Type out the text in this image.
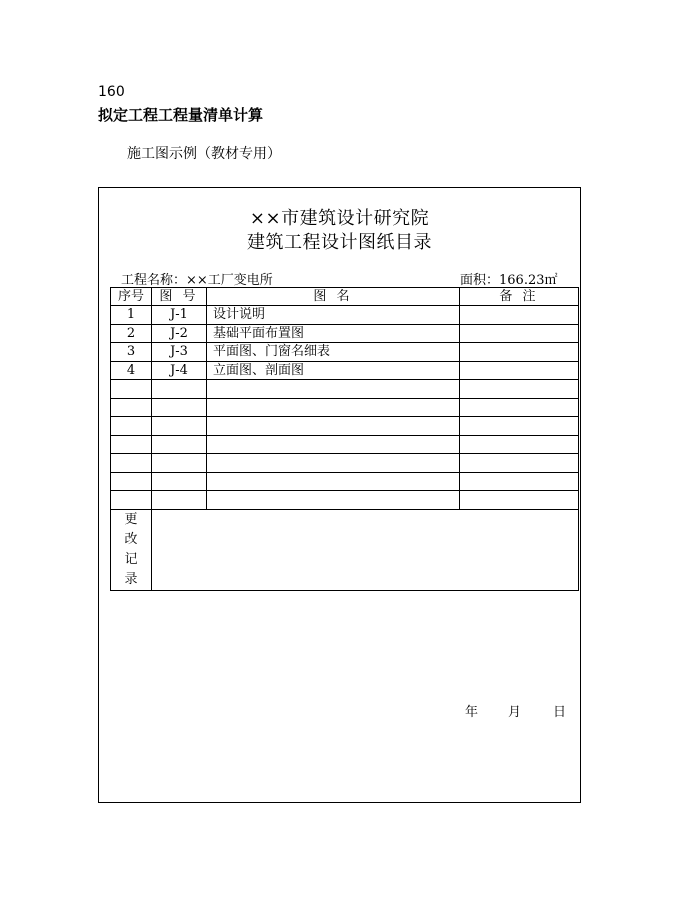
160
拟定工程工程量清单计算
施工图示例（教材专用）
××市建筑设计研究院
建筑工程设计图纸目录
工程名称：××工厂变电所	面积：166.23㎡
序号	图 号	图 名	备 注
1	J-1	设计说明	
2	J-2	基础平面布置图	
3	J-3	平面图、门窗名细表	
4	J-4	立面图、剖面图	

更
改
记
录			

年 月 日
